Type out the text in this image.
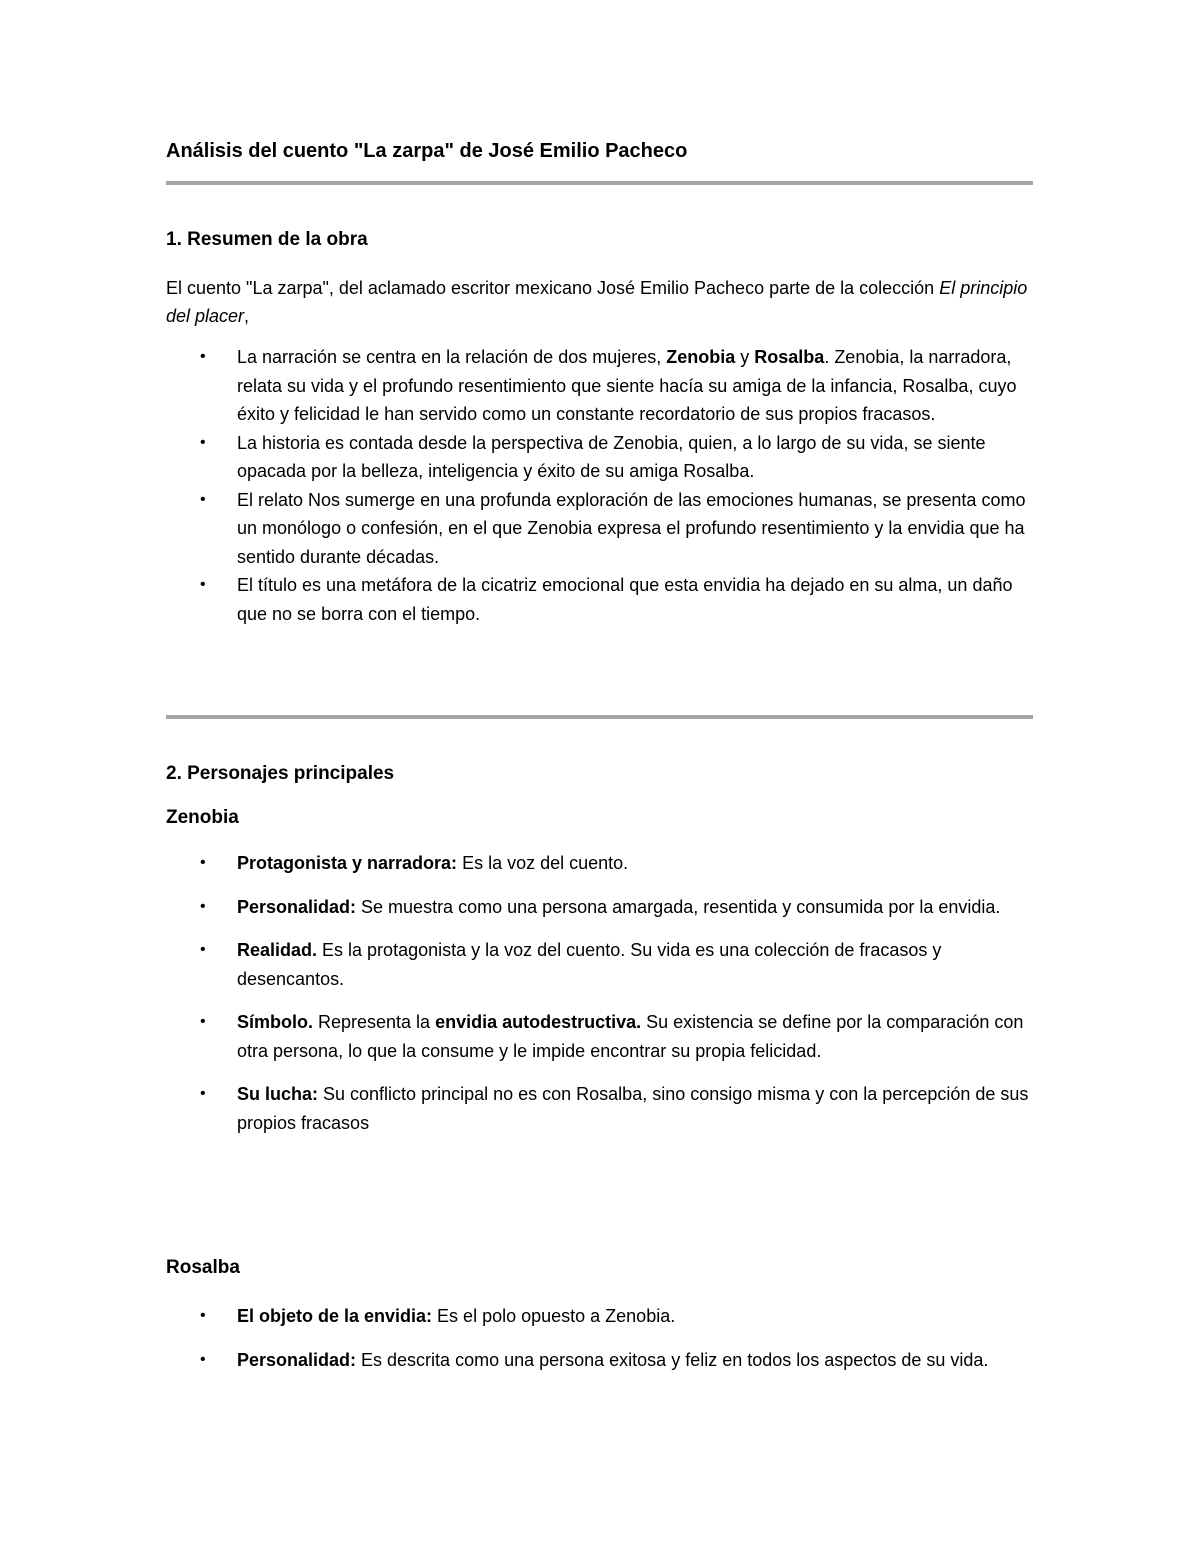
Análisis del cuento "La zarpa" de José Emilio Pacheco
1. Resumen de la obra

El cuento "La zarpa", del aclamado escritor mexicano José Emilio Pacheco parte de la colección El principio del placer,

• La narración se centra en la relación de dos mujeres, Zenobia y Rosalba. Zenobia, la narradora, relata su vida y el profundo resentimiento que siente hacía su amiga de la infancia, Rosalba, cuyo éxito y felicidad le han servido como un constante recordatorio de sus propios fracasos.
• La historia es contada desde la perspectiva de Zenobia, quien, a lo largo de su vida, se siente opacada por la belleza, inteligencia y éxito de su amiga Rosalba.
• El relato Nos sumerge en una profunda exploración de las emociones humanas, se presenta como un monólogo o confesión, en el que Zenobia expresa el profundo resentimiento y la envidia que ha sentido durante décadas.
• El título es una metáfora de la cicatriz emocional que esta envidia ha dejado en su alma, un daño que no se borra con el tiempo.
2. Personajes principales
Zenobia
• Protagonista y narradora: Es la voz del cuento.
• Personalidad: Se muestra como una persona amargada, resentida y consumida por la envidia.
• Realidad. Es la protagonista y la voz del cuento. Su vida es una colección de fracasos y desencantos.
• Símbolo. Representa la envidia autodestructiva. Su existencia se define por la comparación con otra persona, lo que la consume y le impide encontrar su propia felicidad.
• Su lucha: Su conflicto principal no es con Rosalba, sino consigo misma y con la percepción de sus propios fracasos
Rosalba
• El objeto de la envidia: Es el polo opuesto a Zenobia.
• Personalidad: Es descrita como una persona exitosa y feliz en todos los aspectos de su vida.
